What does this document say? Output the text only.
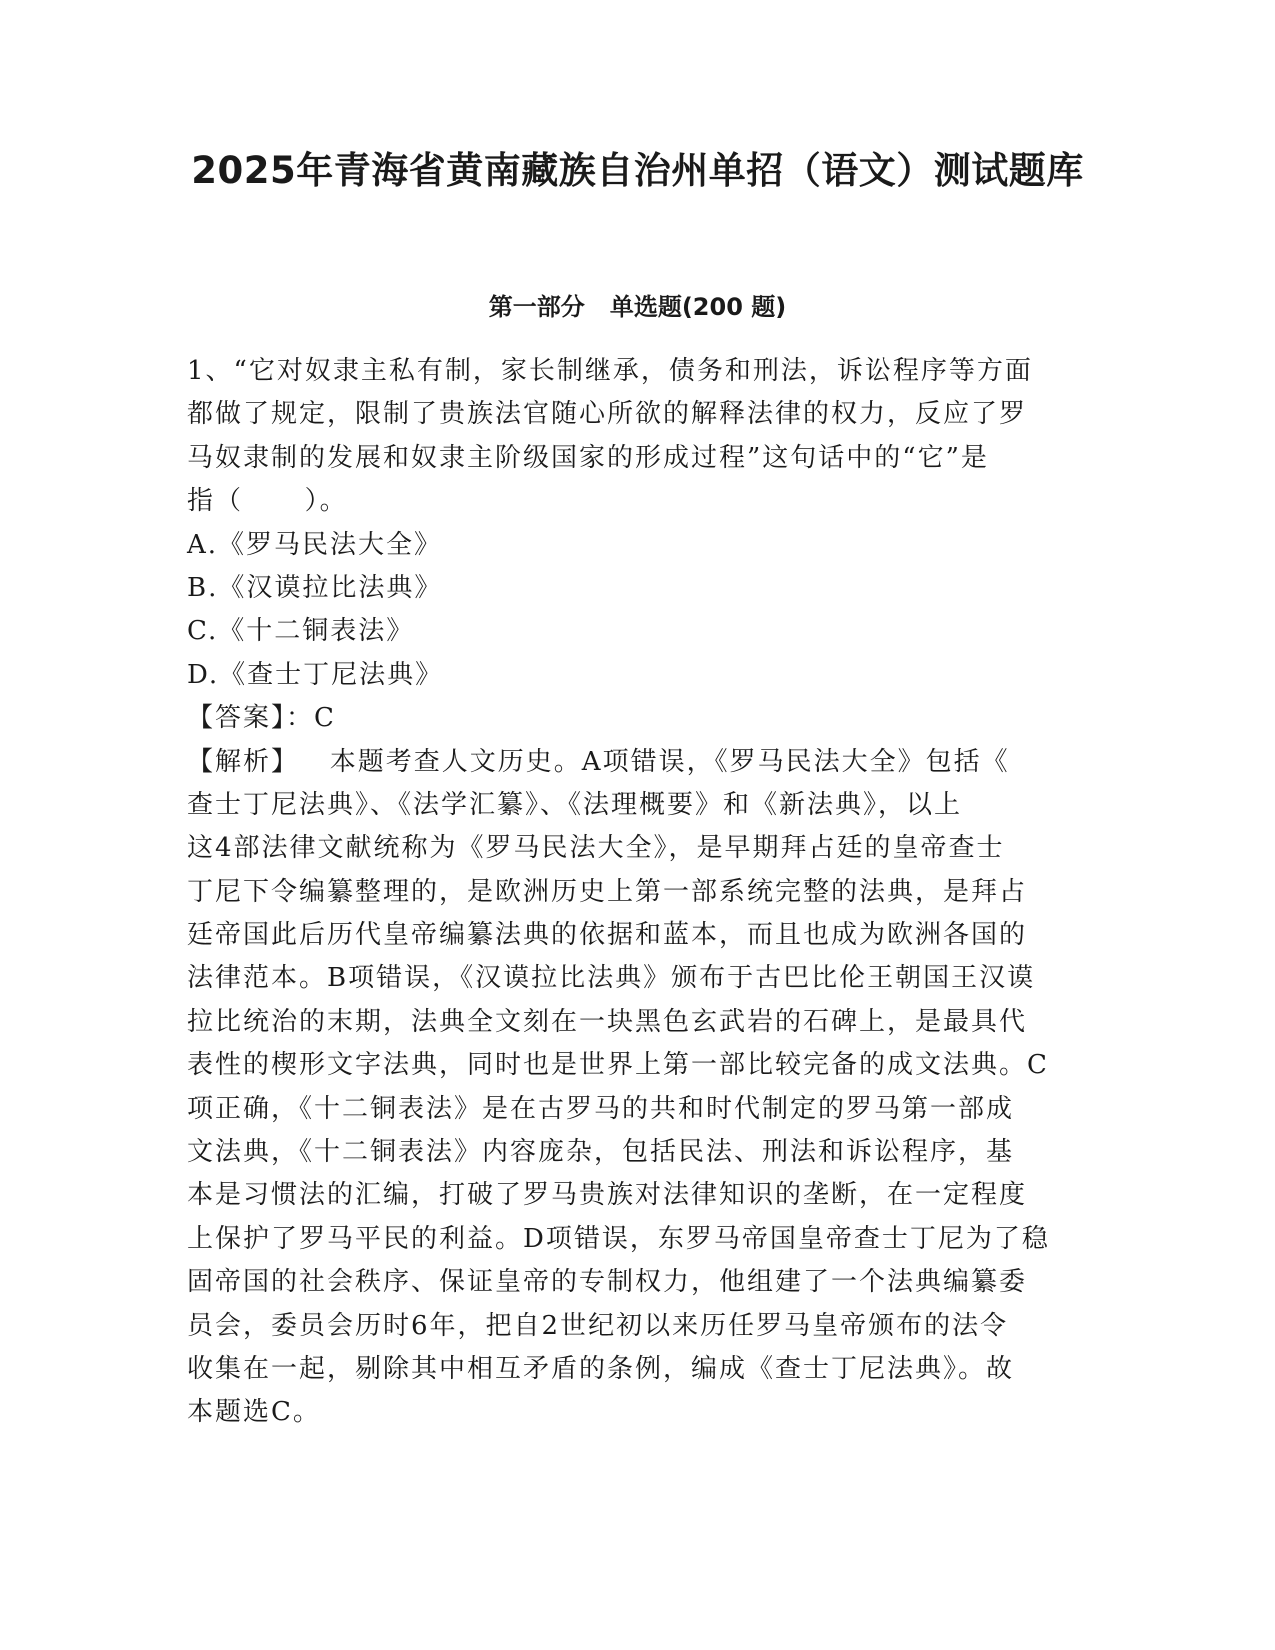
2025年青海省黄南藏族自治州单招（语文）测试题库
第一部分   单选题(200 题)
1、“它对奴隶主私有制，家长制继承，债务和刑法，诉讼程序等方面
都做了规定，限制了贵族法官随心所欲的解释法律的权力，反应了罗
马奴隶制的发展和奴隶主阶级国家的形成过程”这句话中的“它”是
指（      ）。
A.《罗马民法大全》
B.《汉谟拉比法典》
C.《十二铜表法》
D.《查士丁尼法典》
【答案】：C
【解析】   本题考查人文历史。A项错误，《罗马民法大全》包括《
查士丁尼法典》、《法学汇纂》、《法理概要》和《新法典》，以上
这4部法律文献统称为《罗马民法大全》，是早期拜占廷的皇帝查士
丁尼下令编纂整理的，是欧洲历史上第一部系统完整的法典，是拜占
廷帝国此后历代皇帝编纂法典的依据和蓝本，而且也成为欧洲各国的
法律范本。B项错误，《汉谟拉比法典》颁布于古巴比伦王朝国王汉谟
拉比统治的末期，法典全文刻在一块黑色玄武岩的石碑上，是最具代
表性的楔形文字法典，同时也是世界上第一部比较完备的成文法典。C
项正确，《十二铜表法》是在古罗马的共和时代制定的罗马第一部成
文法典，《十二铜表法》内容庞杂，包括民法、刑法和诉讼程序，基
本是习惯法的汇编，打破了罗马贵族对法律知识的垄断，在一定程度
上保护了罗马平民的利益。D项错误，东罗马帝国皇帝查士丁尼为了稳
固帝国的社会秩序、保证皇帝的专制权力，他组建了一个法典编纂委
员会，委员会历时6年，把自2世纪初以来历任罗马皇帝颁布的法令
收集在一起，剔除其中相互矛盾的条例，编成《查士丁尼法典》。故
本题选C。
